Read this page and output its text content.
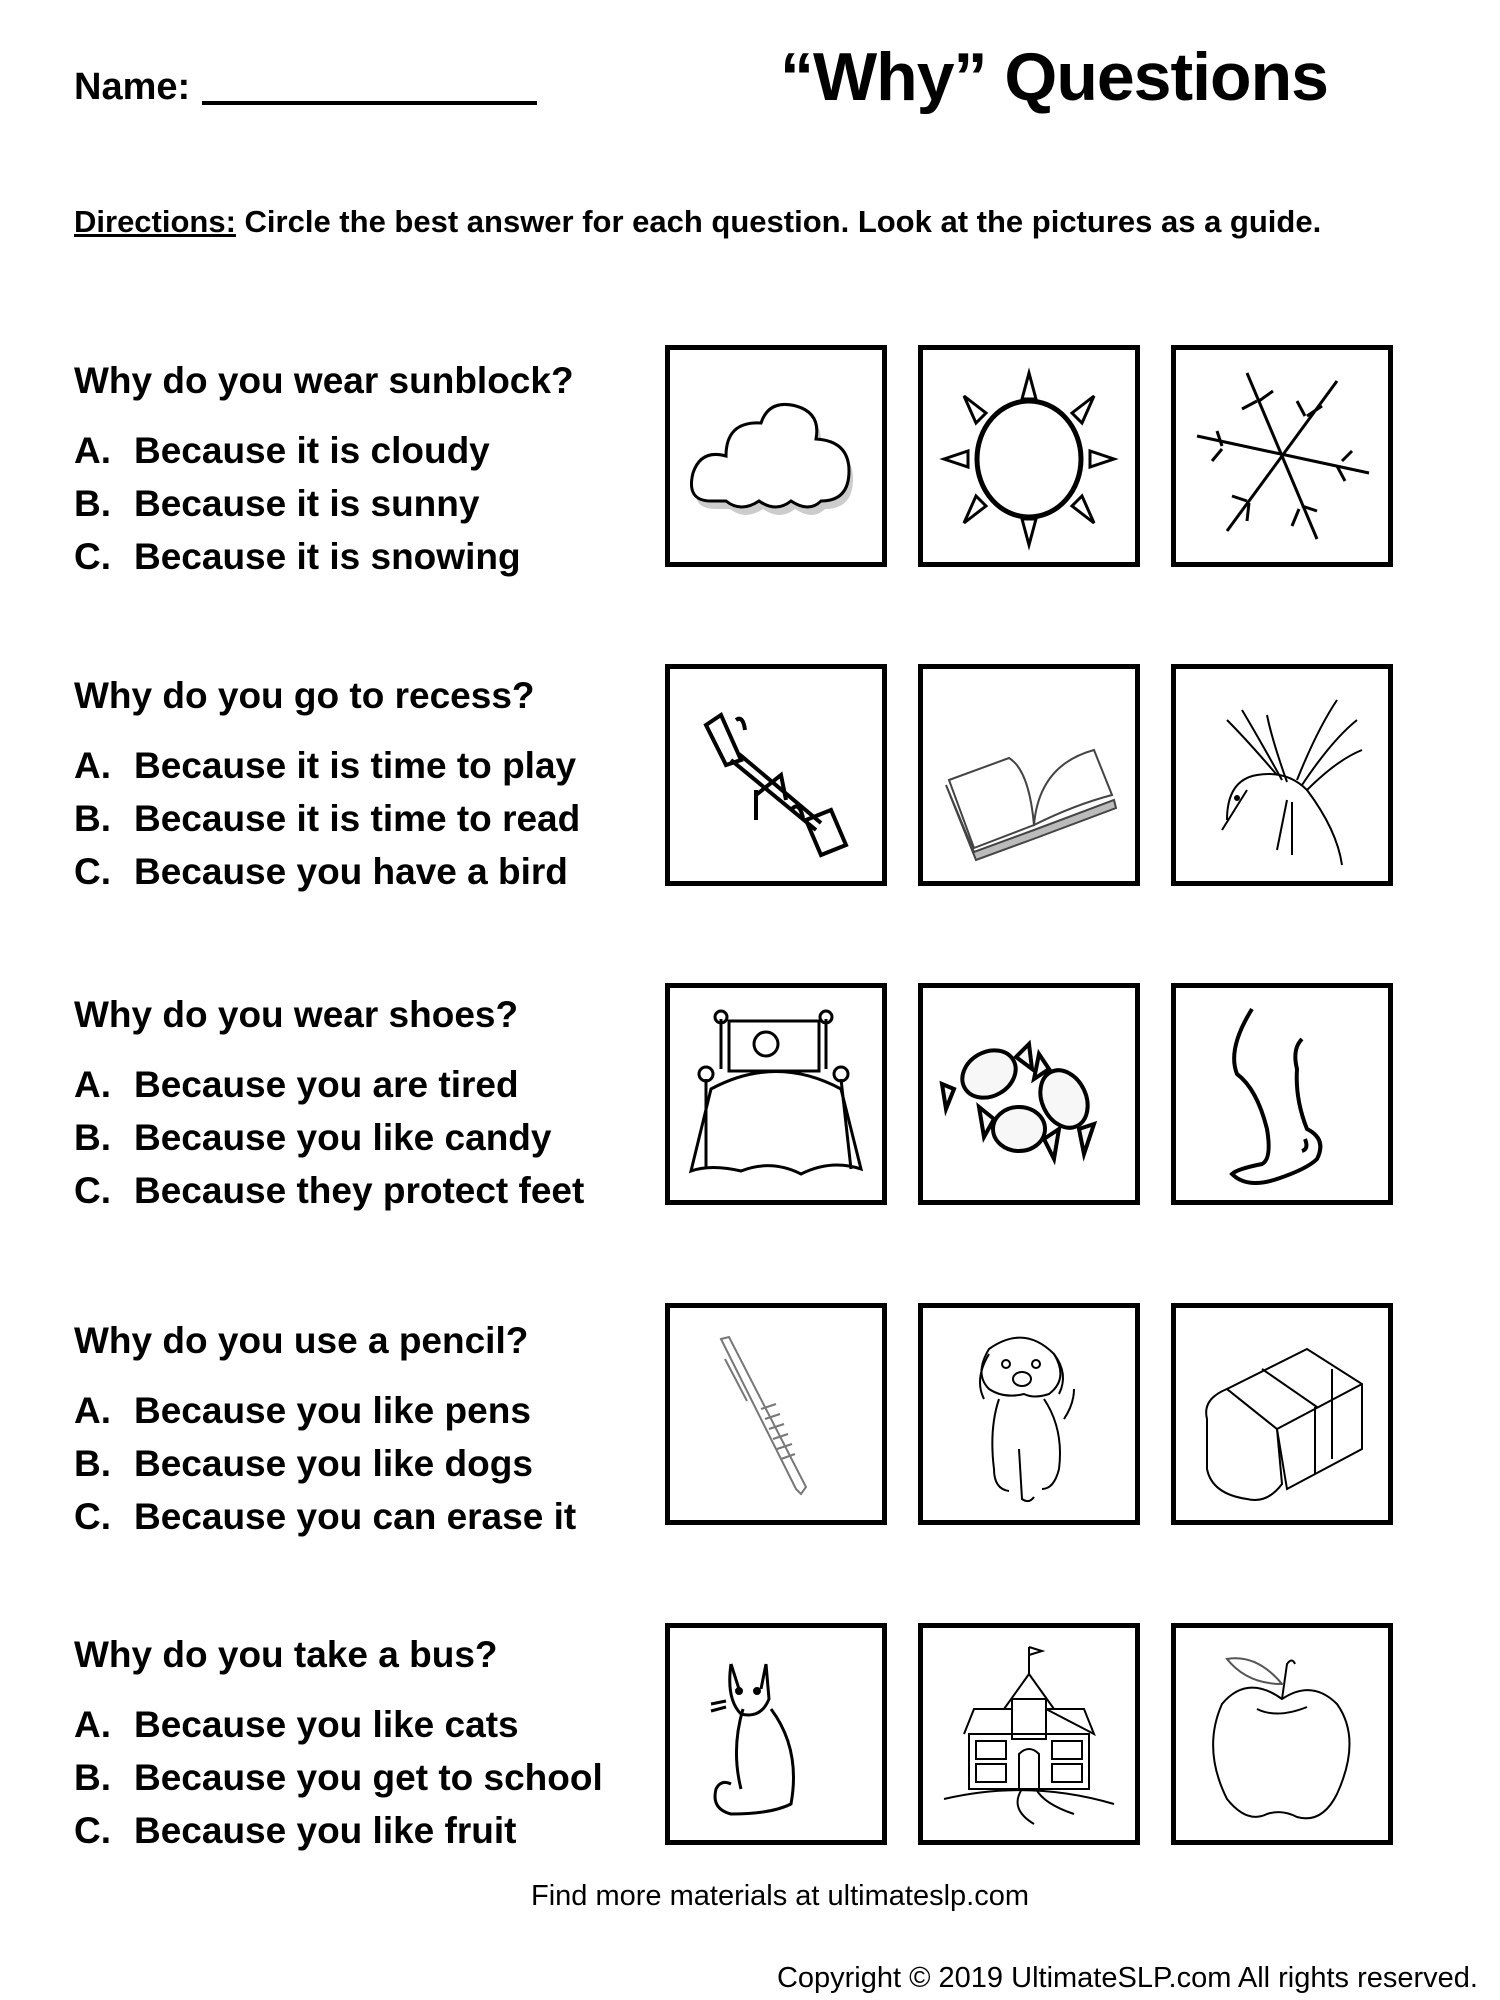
Name:	“Why” Questions
Directions: Circle the best answer for each question. Look at the pictures as a guide.
Why do you wear sunblock?
A. Because it is cloudy
B. Because it is sunny
C. Because it is snowing
Why do you go to recess?
A. Because it is time to play
B. Because it is time to read
C. Because you have a bird
Why do you wear shoes?
A. Because you are tired
B. Because you like candy
C. Because they protect feet
Why do you use a pencil?
A. Because you like pens
B. Because you like dogs
C. Because you can erase it
Why do you take a bus?
A. Because you like cats
B. Because you get to school
C. Because you like fruit
Find more materials at ultimateslp.com
Copyright © 2019 UltimateSLP.com All rights reserved.
